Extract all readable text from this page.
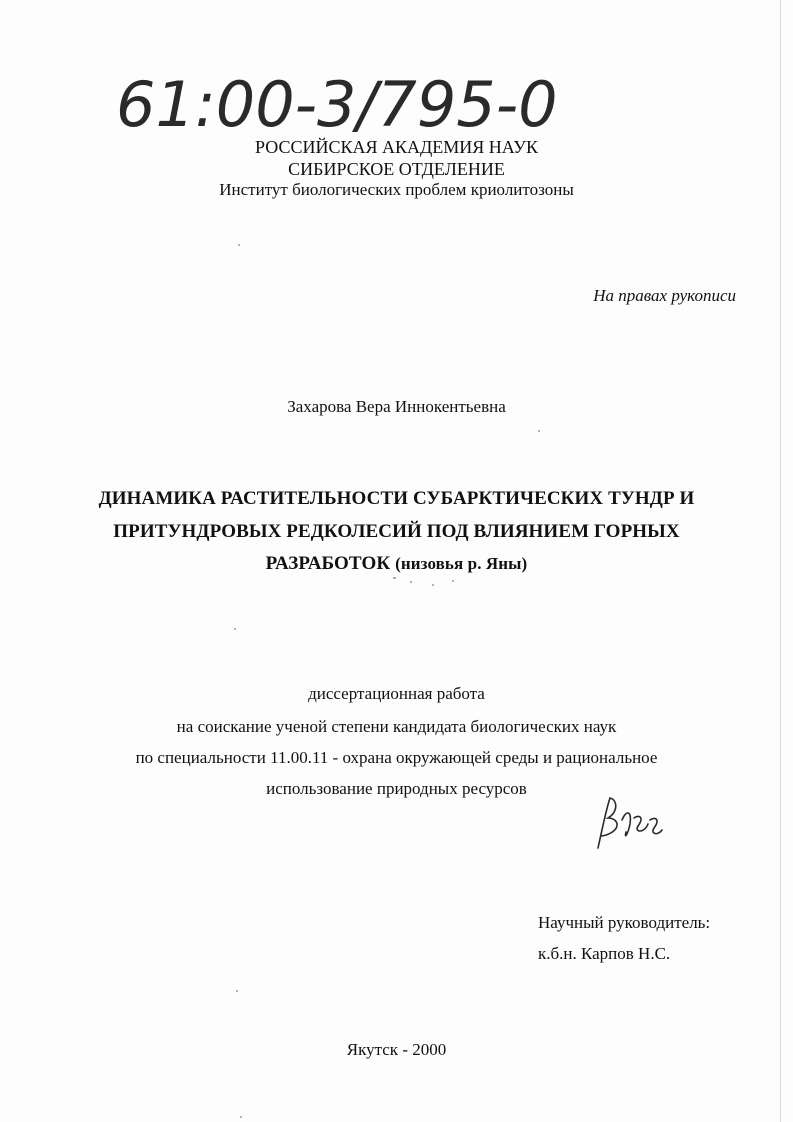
61:00-3/795-0
РОССИЙСКАЯ АКАДЕМИЯ НАУК
СИБИРСКОЕ ОТДЕЛЕНИЕ
Институт биологических проблем криолитозоны
На правах рукописи
Захарова Вера Иннокентьевна
ДИНАМИКА РАСТИТЕЛЬНОСТИ СУБАРКТИЧЕСКИХ ТУНДР И
ПРИТУНДРОВЫХ РЕДКОЛЕСИЙ ПОД ВЛИЯНИЕМ ГОРНЫХ
РАЗРАБОТОК (низовья р. Яны)
диссертационная работа
на соискание ученой степени кандидата биологических наук
по специальности 11.00.11 - охрана окружающей среды и рациональное
использование природных ресурсов
Научный руководитель:
к.б.н. Карпов Н.С.
Якутск - 2000
